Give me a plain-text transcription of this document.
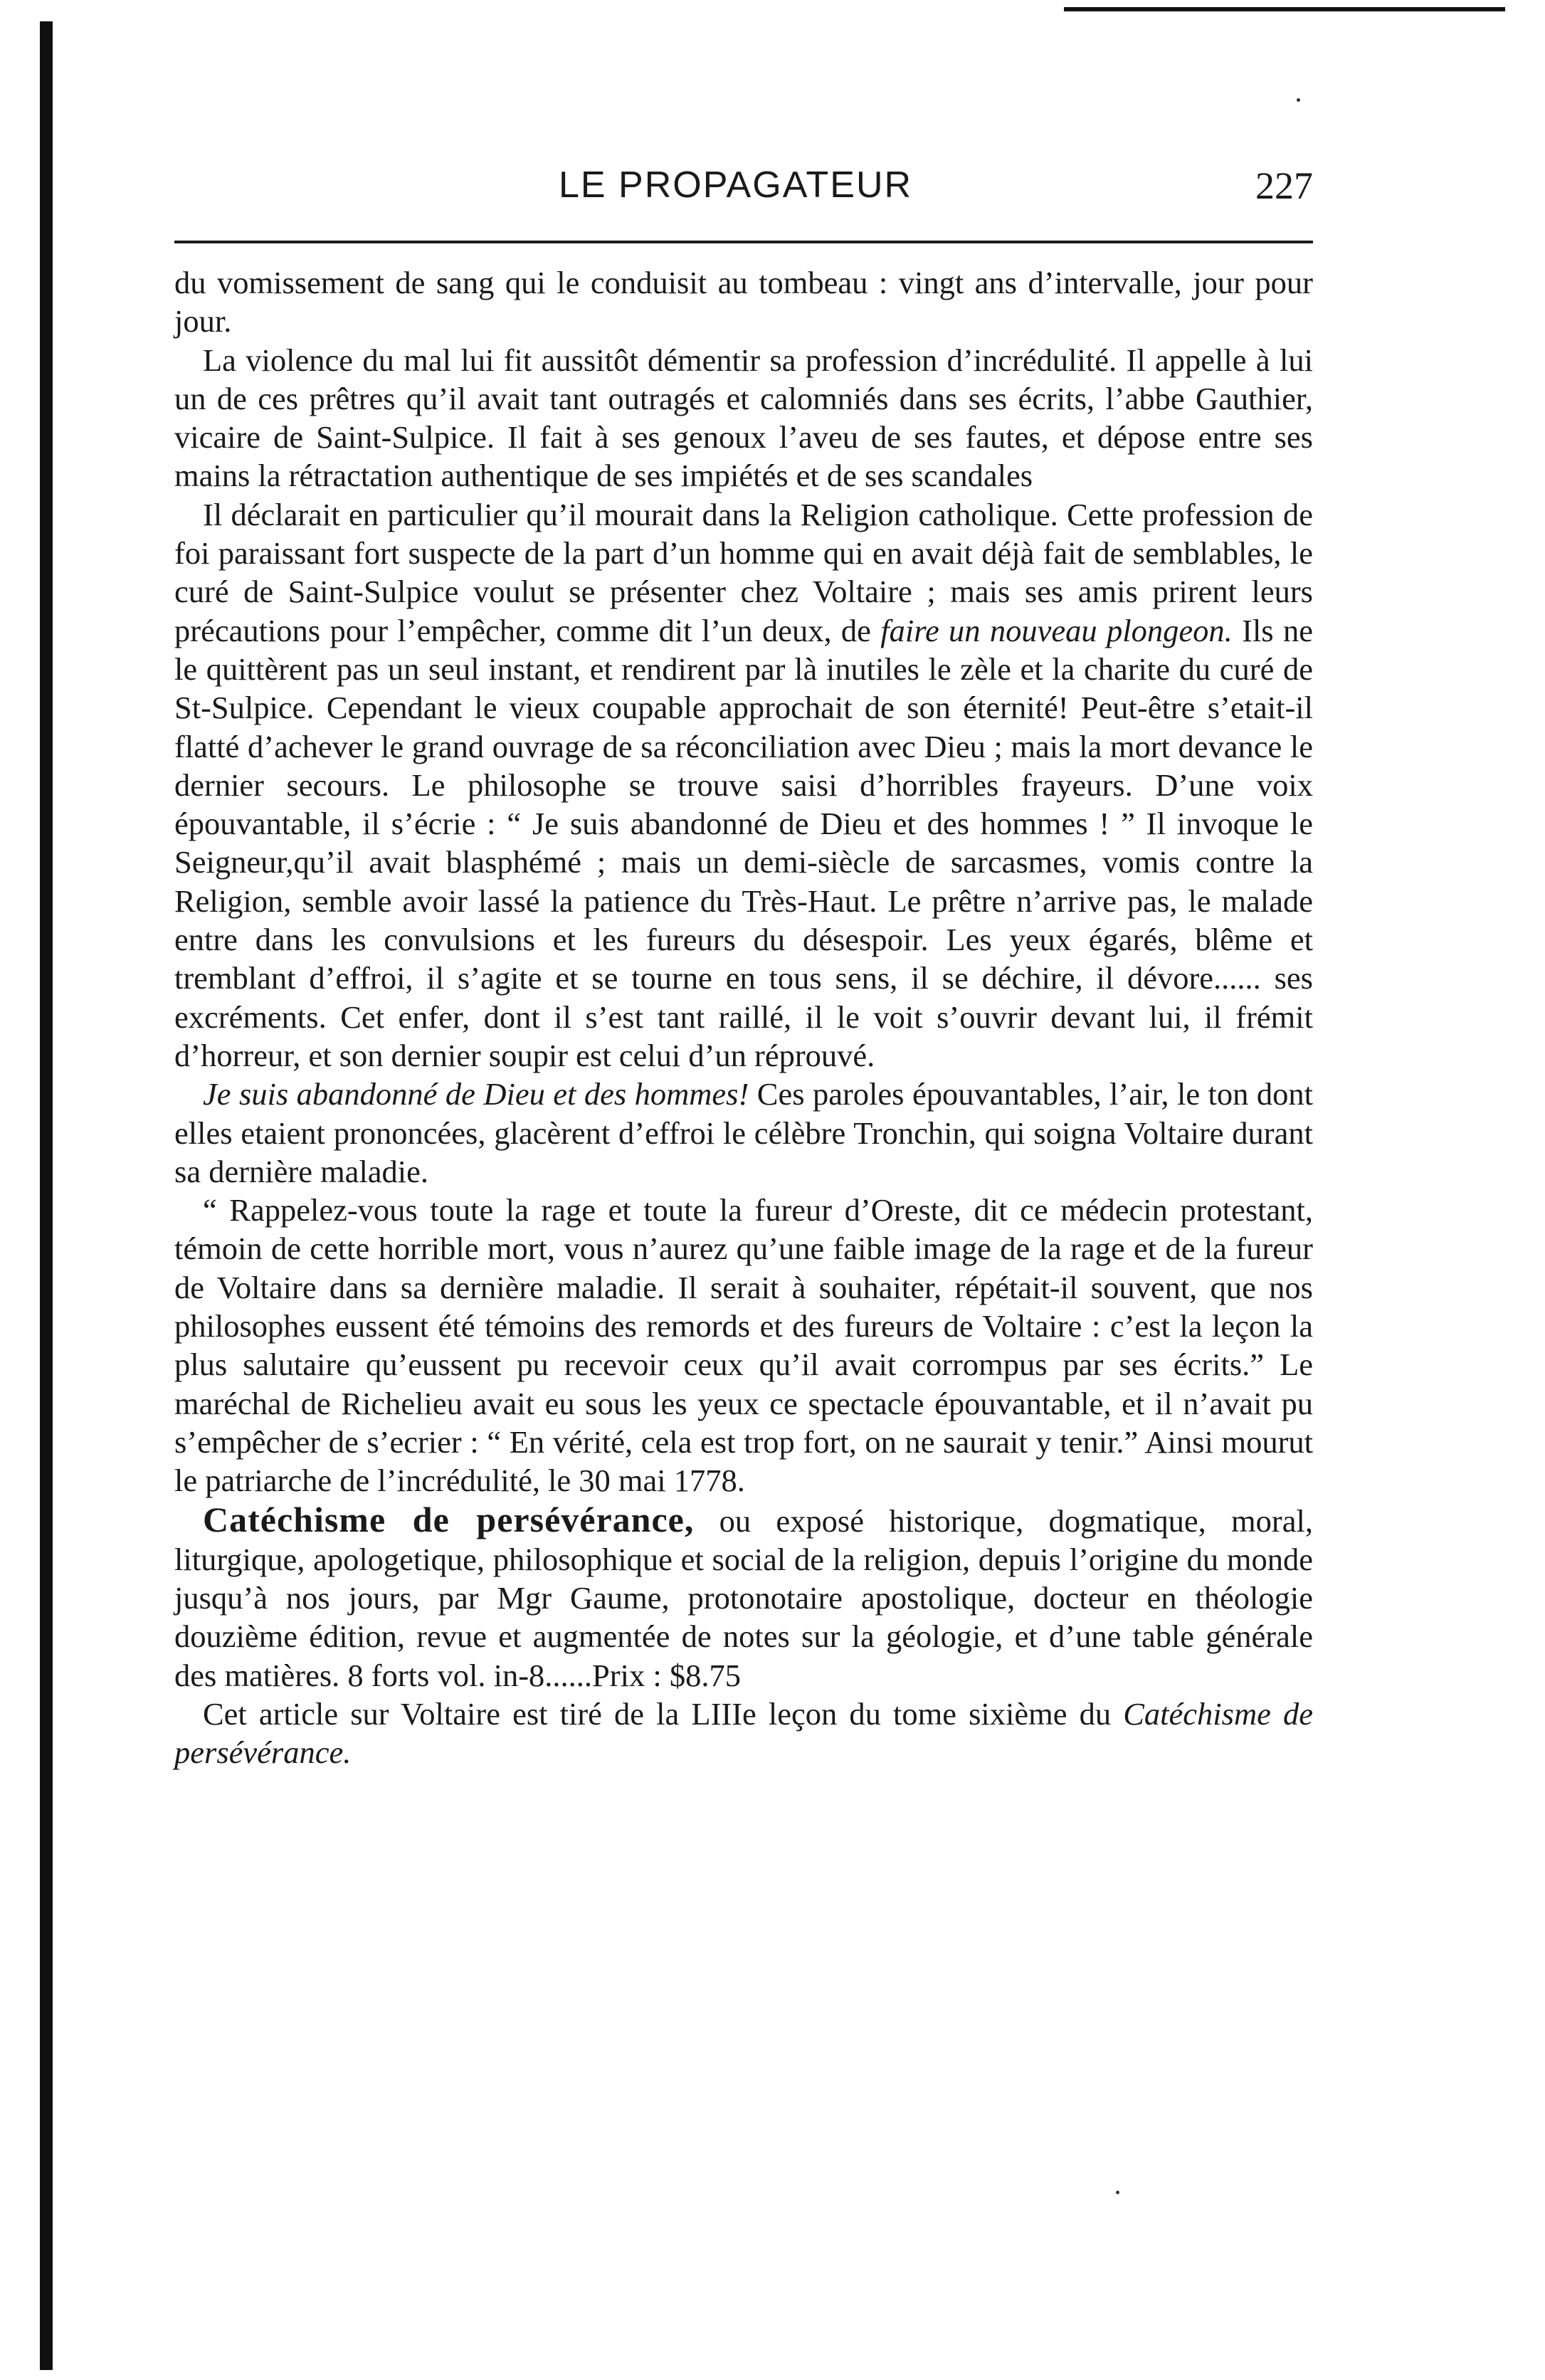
LE PROPAGATEUR	227

du vomissement de sang qui le conduisit au tombeau : vingt ans d’intervalle, jour pour jour.

La violence du mal lui fit aussitôt démentir sa profession d’incrédulité. Il appelle à lui un de ces prêtres qu’il avait tant outragés et calomniés dans ses écrits, l’abbe Gauthier, vicaire de Saint-Sulpice. Il fait à ses genoux l’aveu de ses fautes, et dépose entre ses mains la rétractation authentique de ses impiétés et de ses scandales

Il déclarait en particulier qu’il mourait dans la Religion catholique. Cette profession de foi paraissant fort suspecte de la part d’un homme qui en avait déjà fait de semblables, le curé de Saint-Sulpice voulut se présenter chez Voltaire ; mais ses amis prirent leurs précautions pour l’empêcher, comme dit l’un deux, de faire un nouveau plongeon. Ils ne le quittèrent pas un seul instant, et rendirent par là inutiles le zèle et la charite du curé de St-Sulpice. Cependant le vieux coupable approchait de son éternité! Peut-être s’etait-il flatté d’achever le grand ouvrage de sa réconciliation avec Dieu ; mais la mort devance le dernier secours. Le philosophe se trouve saisi d’horribles frayeurs. D’une voix épouvantable, il s’écrie : “ Je suis abandonné de Dieu et des hommes ! ” Il invoque le Seigneur,qu’il avait blasphémé ; mais un demi-siècle de sarcasmes, vomis contre la Religion, semble avoir lassé la patience du Très-Haut. Le prêtre n’arrive pas, le malade entre dans les convulsions et les fureurs du désespoir. Les yeux égarés, blême et tremblant d’effroi, il s’agite et se tourne en tous sens, il se déchire, il dévore...... ses excréments. Cet enfer, dont il s’est tant raillé, il le voit s’ouvrir devant lui, il frémit d’horreur, et son dernier soupir est celui d’un réprouvé.

Je suis abandonné de Dieu et des hommes! Ces paroles épouvantables, l’air, le ton dont elles etaient prononcées, glacèrent d’effroi le célèbre Tronchin, qui soigna Voltaire durant sa dernière maladie.

“ Rappelez-vous toute la rage et toute la fureur d’Oreste, dit ce médecin protestant, témoin de cette horrible mort, vous n’aurez qu’une faible image de la rage et de la fureur de Voltaire dans sa dernière maladie. Il serait à souhaiter, répétait-il souvent, que nos philosophes eussent été témoins des remords et des fureurs de Voltaire : c’est la leçon la plus salutaire qu’eussent pu recevoir ceux qu’il avait corrompus par ses écrits.” Le maréchal de Richelieu avait eu sous les yeux ce spectacle épouvantable, et il n’avait pu s’empêcher de s’ecrier : “ En vérité, cela est trop fort, on ne saurait y tenir.” Ainsi mourut le patriarche de l’incrédulité, le 30 mai 1778.

Catéchisme de persévérance, ou exposé historique, dogmatique, moral, liturgique, apologetique, philosophique et social de la religion, depuis l’origine du monde jusqu’à nos jours, par Mgr Gaume, protonotaire apostolique, docteur en théologie douzième édition, revue et augmentée de notes sur la géologie, et d’une table générale des matières. 8 forts vol. in-8......Prix : $8.75

Cet article sur Voltaire est tiré de la LIIIe leçon du tome sixième du Catéchisme de persévérance.
